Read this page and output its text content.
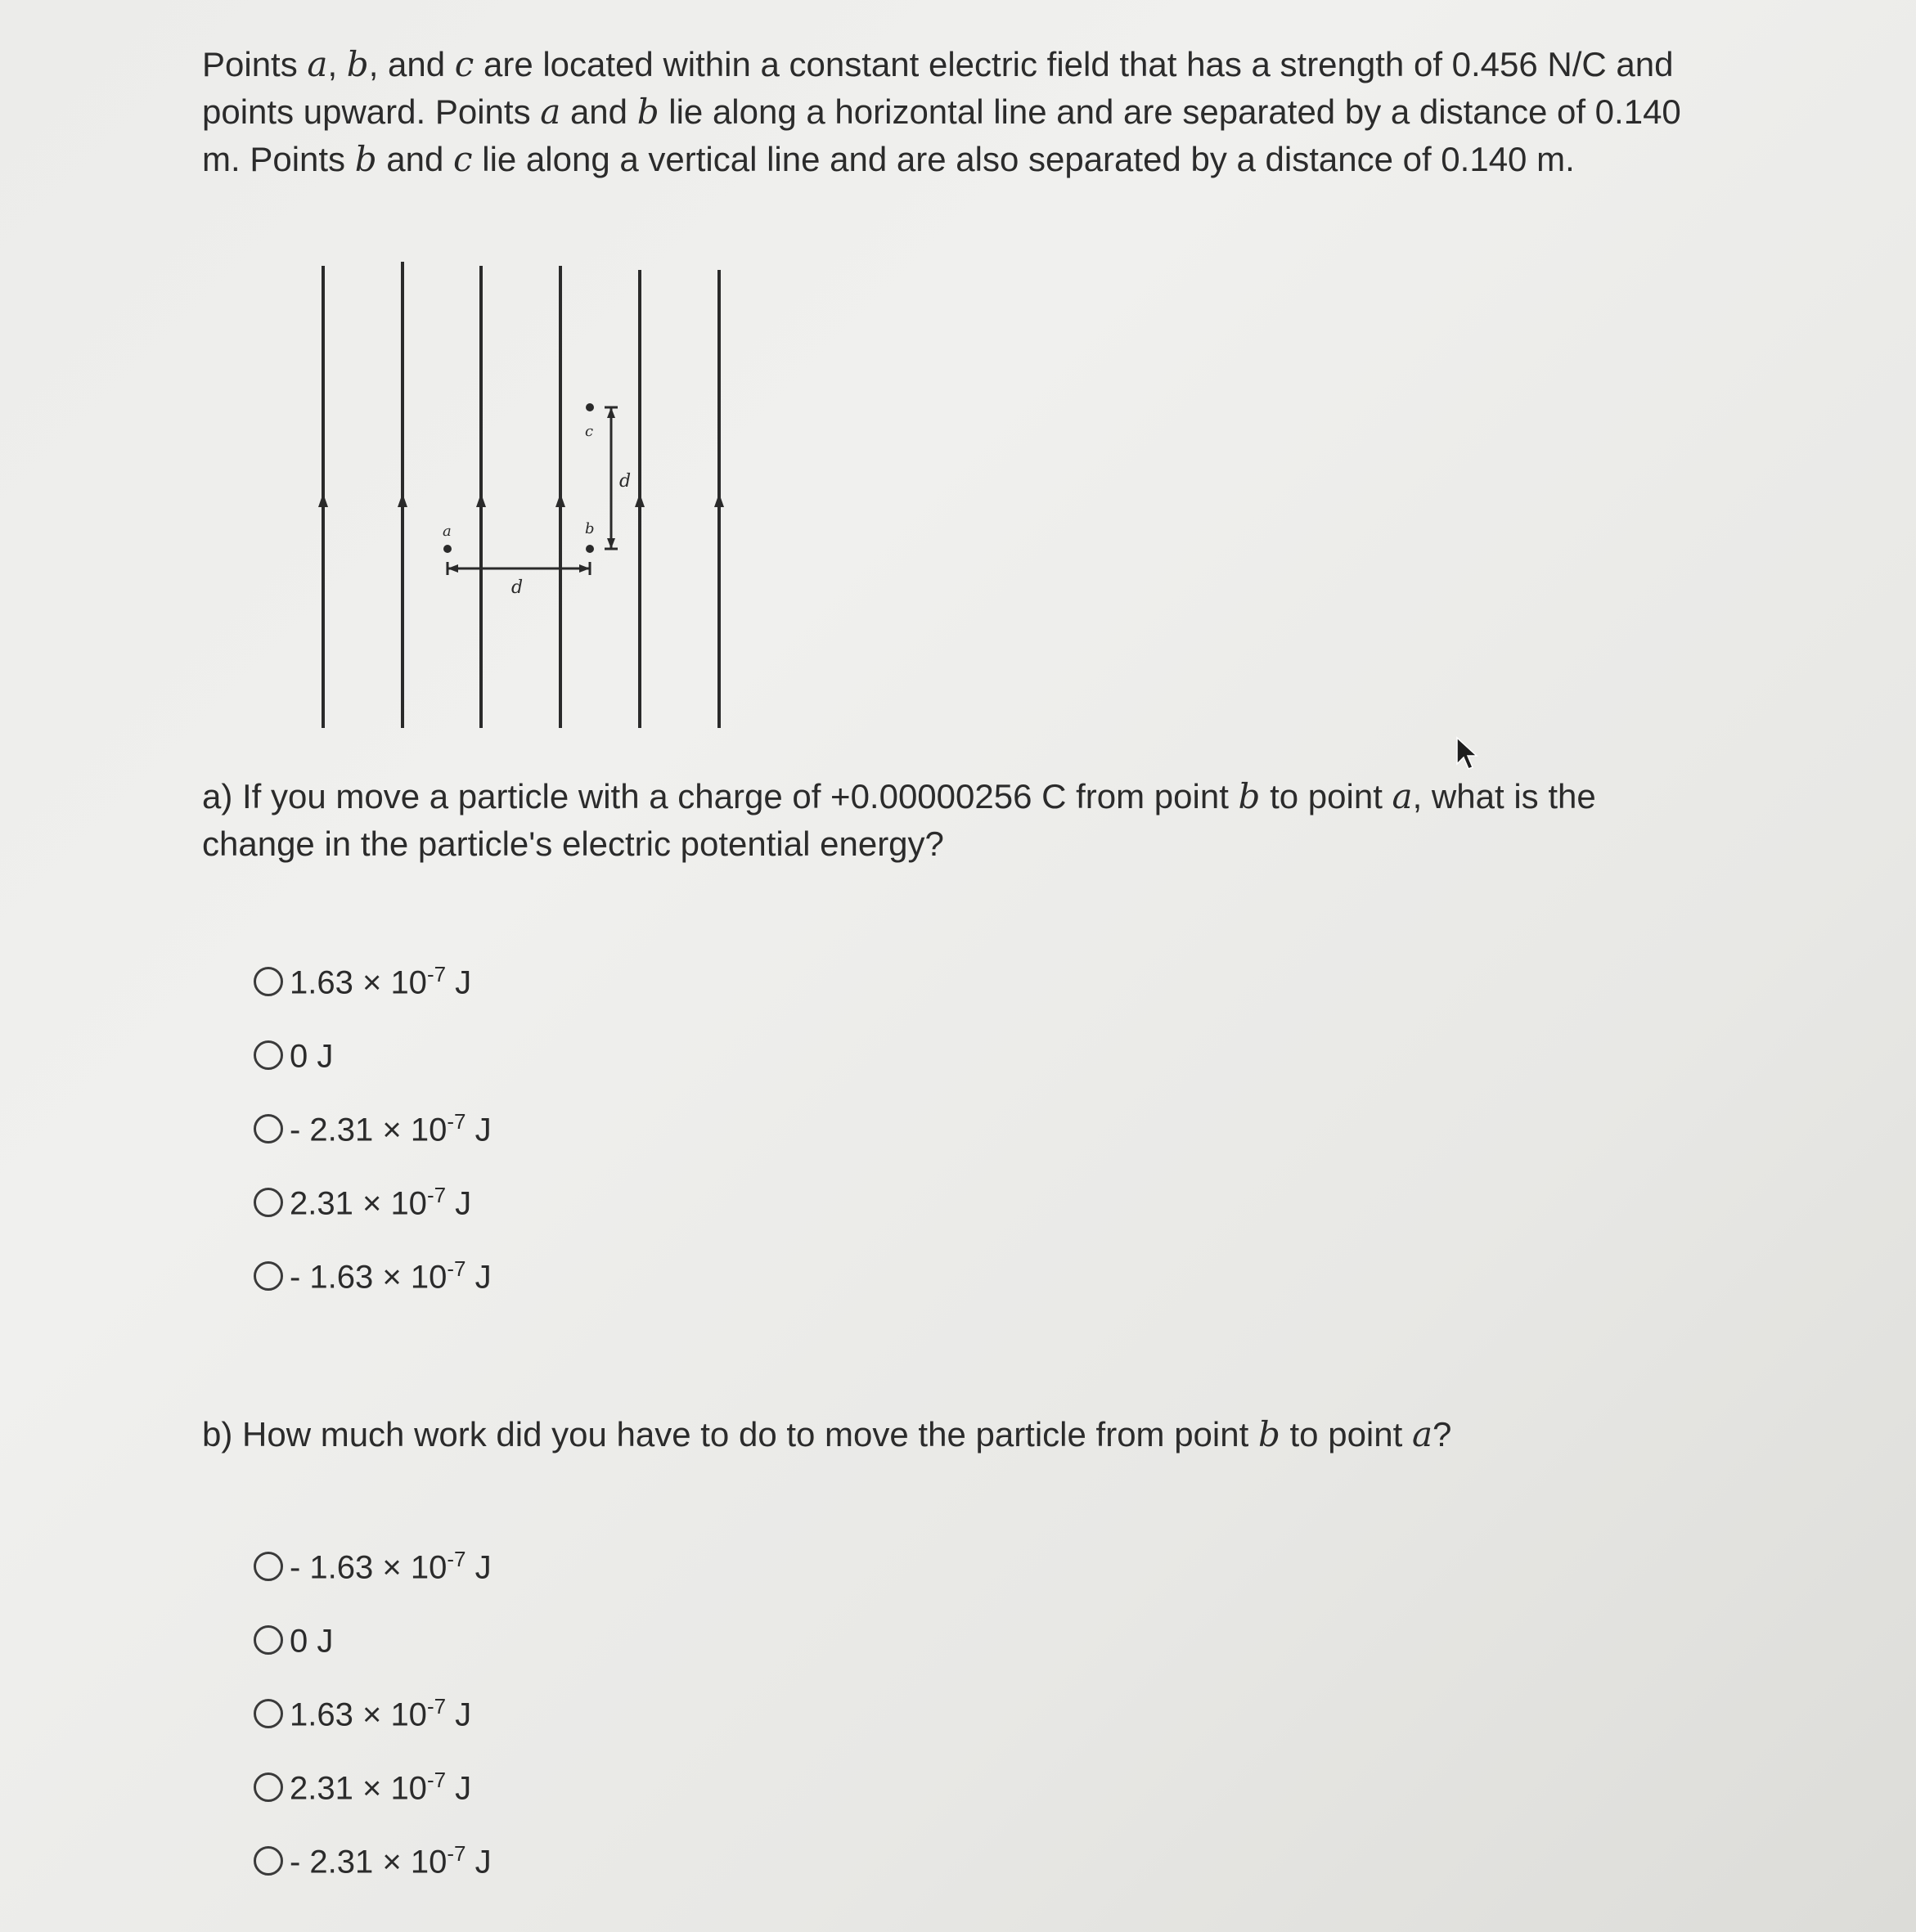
Points a, b, and c are located within a constant electric field that has a strength of 0.456 N/C and points upward. Points a and b lie along a horizontal line and are separated by a distance of 0.140 m. Points b and c lie along a vertical line and are also separated by a distance of 0.140 m.

a	b
c
d
d

a) If you move a particle with a charge of +0.00000256 C from point b to point a, what is the change in the particle's electric potential energy?

$1.63 \times 10^{-7}$ J
0 J
- $2.31 \times 10^{-7}$ J
$2.31 \times 10^{-7}$ J
- $1.63 \times 10^{-7}$ J

b) How much work did you have to do to move the particle from point b to point a?

- $1.63 \times 10^{-7}$ J
0 J
$1.63 \times 10^{-7}$ J
$2.31 \times 10^{-7}$ J
- $2.31 \times 10^{-7}$ J
